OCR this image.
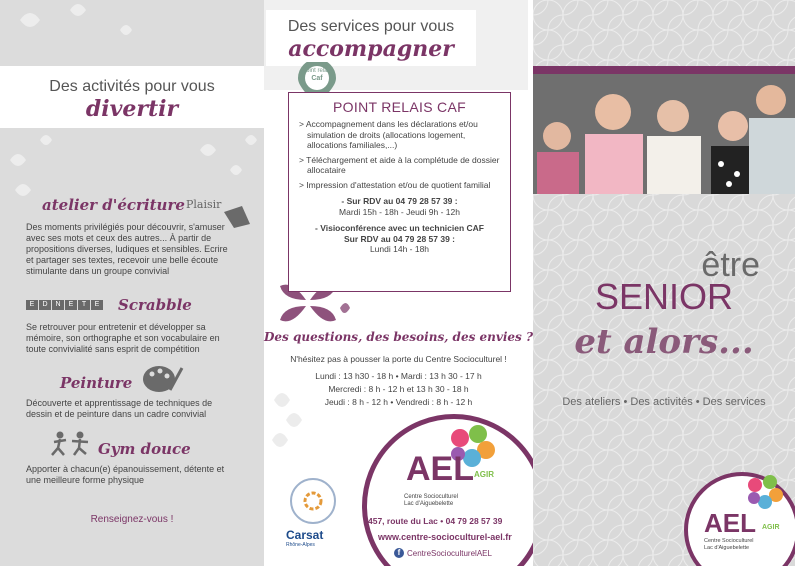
Des activités pour vous
divertir
atelier d'écriture Plaisir
Des moments privilégiés pour découvrir, s'amuser avec ses mots et ceux des autres... À partir de propositions diverses, ludiques et sensibles. Ecrire et partager ses textes, recevoir une belle écoute stimulante dans un groupe convivial
E	D	N	E	T	E Scrabble
Se retrouver pour entretenir et développer sa mémoire, son orthographe et son vocabulaire en toute convivialité sans esprit de compétition
Peinture
Découverte et apprentissage de techniques de dessin et de peinture dans un cadre convivial
Gym douce
Apporter à chacun(e) épanouissement, détente et une meilleure forme physique
Renseignez-vous !
Des services pour vous
accompagner
Point relais
Caf
POINT RELAIS CAF
> Accompagnement dans les déclarations et/ou simulation de droits (allocations logement, allocations familiales,...)
> Téléchargement et aide à la complétude de dossier allocataire
> Impression d'attestation et/ou de quotient familial
- Sur RDV au 04 79 28 57 39 :
Mardi 15h - 18h - Jeudi 9h - 12h
- Visioconférence avec un technicien CAF
Sur RDV au 04 79 28 57 39 :
Lundi 14h - 18h
Des questions, des besoins, des envies ?
N'hésitez pas à pousser la porte du Centre Socioculturel !
Lundi : 13 h30 - 18 h • Mardi : 13 h 30 - 17 h
Mercredi : 8 h - 12 h et 13 h 30 - 18 h
Jeudi : 8 h - 12 h • Vendredi : 8 h - 12 h
Carsat
Rhône-Alpes
AEL AGIR
Centre Socioculturel
Lac d'Aiguebelette
457, route du Lac • 04 79 28 57 39
www.centre-socioculturel-ael.fr
f CentreSocioculturelAEL
être
SENIOR
et alors...
Des ateliers • Des activités • Des services
AEL AGIR
Centre Socioculturel
Lac d'Aiguebelette
